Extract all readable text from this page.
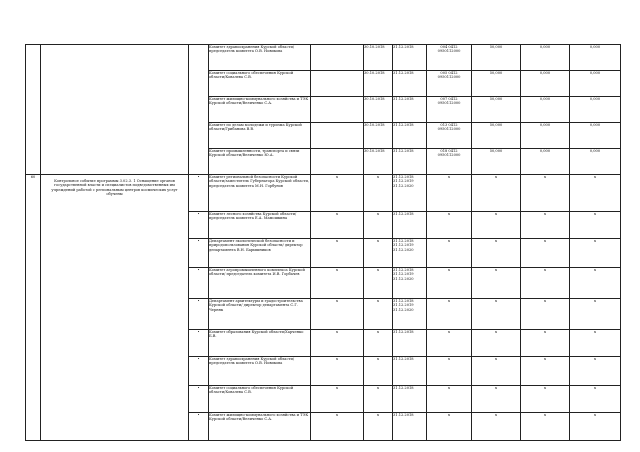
			Комитет здравоохранения Курской области/ председатель комитета О.В. Новикова		30.10.2018	31.12.2018	004 0412
0950112000	50,000	0,000	0,000
			Комитет социального обеспечения Курской области/Ковалева С.В.		30.10.2018	31.12.2018	005 0412
0950112000	50,000	0,000	0,000
			Комитет жилищно-коммунального хозяйства и ТЭК Курской области/Величенко С.А.		30.10.2018	31.12.2018	007 0412
0950112000	50,000	0,000	0,000
			Комитет по делам молодежи и туризма Курской области/Грибанова В.В.		30.10.2018	31.12.2018	013 0412
0950112000	50,000	0,000	0,000
			Комитет промышленности, транспорта и связи Курской области/Величенко Ю.А.		30.10.2018	31.12.2018	018 0412
0950112000	50,000	0,000	0,000
60	Контрольное событие программы 3.02.3. 1 Оснащение органов государственной власти и специалистов подведомственных им учреждений работой с региональным центров космических услуг обучены	•	Комитет региональной безопасности Курской области/заместитель Губернатора Курской области, председатель комитета М.Н. Горбунов	x	x	31.12.2018
31.12.2019
31.12.2020	x	x	x	x
		•	Комитет лесного хозяйства Курской области/председатель комитета Е.А. Мамошкина	x	x	31.12.2018	x	x	x	x
		•	Департамент экологической безопасности и природопользования Курской области/ директор департамента В.Н. Барышников	x	x	31.12.2018
31.12.2019
31.12.2020	x	x	x	x
		•	Комитет агропромышленного комплекса Курской области/ председатель комитета И.В. Горбачев	x	x	31.12.2018
31.12.2019
31.12.2020	x	x	x	x
		•	Департамент архитектуры и градостроительства Курской области/ директор департамента С.Г. Черняк	x	x	31.12.2018
31.12.2019
31.12.2020	x	x	x	x
		•	Комитет образования Курской области/Харченко Б.В.	x	x	31.12.2018	x	x	x	x
		•	Комитет здравоохранения Курской области/ председатель комитета О.В. Новикова	x	x	31.12.2018	x	x	x	x
		•	Комитет социального обеспечения Курской области/Ковалева С.В.	x	x	31.12.2018	x	x	x	x
		•	Комитет жилищно-коммунального хозяйства и ТЭК Курской области/Величенко С.А.	x	x	31.12.2018	x	x	x	x
